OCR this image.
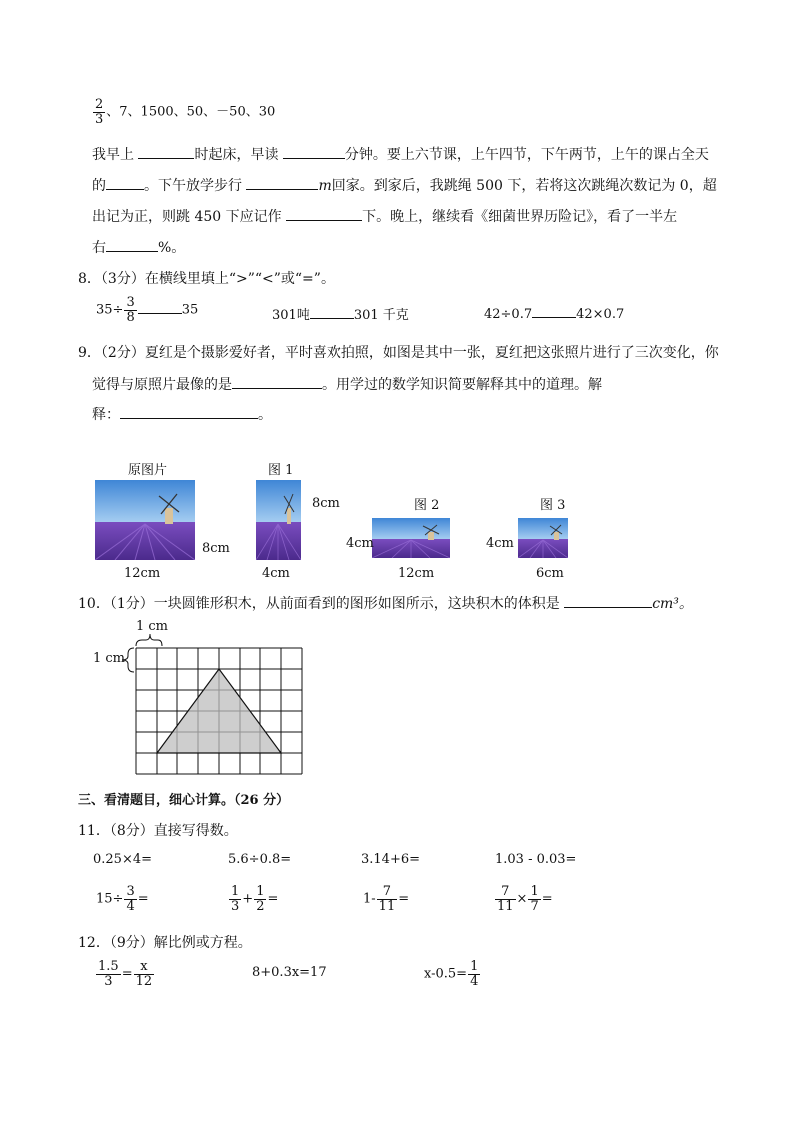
$\frac{2}{3}$ 、7、1500、50、－50、30
我早上	时起床，早读	分钟。要上六节课，上午四节，下午两节，上午的课占全天
的	。下午放学步行	m回家。到家后，我跳绳 500 下，若将这次跳绳次数记为 0，超
出记为正，则跳 450 下应记作	下。晚上，继续看《细菌世界历险记》，看了一半左
右	%。
8．（3分）在横线里填上“>”“<”或“=”。
$35\div \frac{3}{8}$	35	301吨	301 千克	42÷0.7	42×0.7
9．（2分）夏红是个摄影爱好者，平时喜欢拍照，如图是其中一张，夏红把这张照片进行了三次变化，你
觉得与原照片最像的是	。用学过的数学知识简要解释其中的道理。解
释：	。
原图片	图 1
图 2	图 3
8cm
12cm
8cm
4cm
4cm
12cm
4cm
6cm
10．（1分）一块圆锥形积木，从前面看到的图形如图所示，这块积木的体积是	cm³。
1 cm
1 cm
三、看清题目，细心计算。（26 分）
11．（8分）直接写得数。
0.25×4=	5.6÷0.8=	3.14+6=	1.03 - 0.03=
$15\div \frac{3}{4}$ =	$\frac{1}{3} + \frac{1}{2}$ =	$1- \frac{7}{11}$ =	$\frac{7}{11} \times \frac{1}{7}$ =
12．（9分）解比例或方程。
$\frac{1.5}{3} = \frac{x}{12}$	8+0.3x=17	$x-0.5= \frac{1}{4}$
